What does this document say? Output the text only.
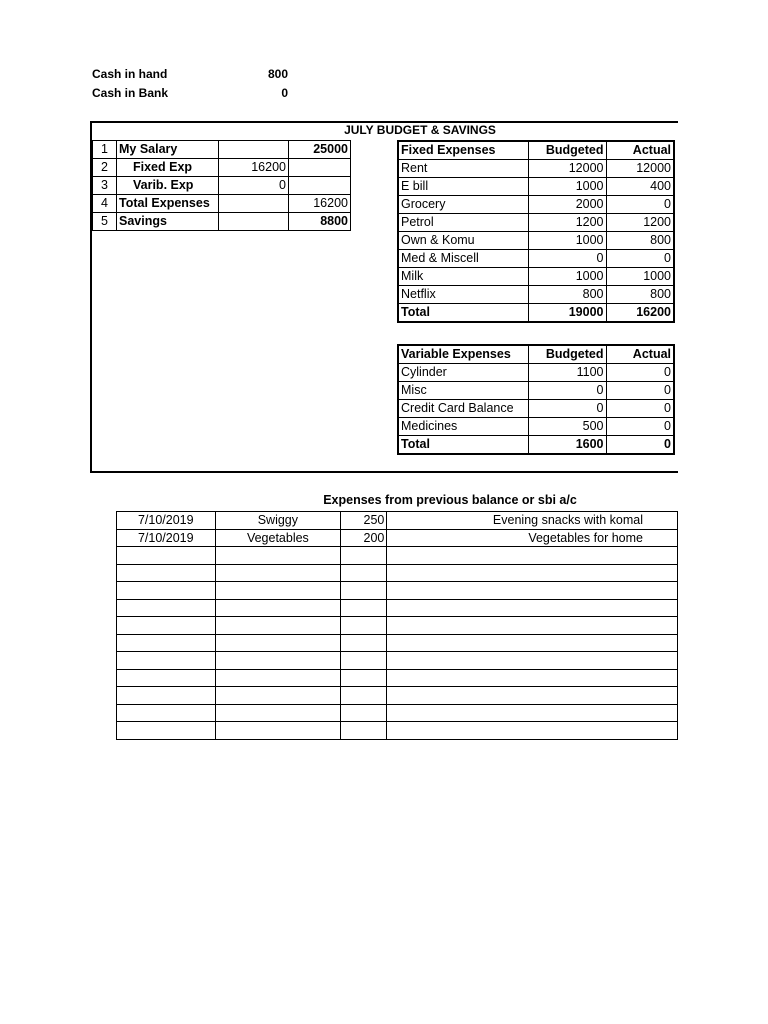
Cash in hand	800
Cash in Bank	0
JULY BUDGET & SAVINGS
1	My Salary		25000
2	Fixed Exp	16200	
3	Varib. Exp	0	
4	Total Expenses		16200
5	Savings		8800
Fixed Expenses	Budgeted	Actual
Rent	12000	12000
E bill	1000	400
Grocery	2000	0
Petrol	1200	1200
Own & Komu	1000	800
Med & Miscell	0	0
Milk	1000	1000
Netflix	800	800
Total	19000	16200
Variable Expenses	Budgeted	Actual
Cylinder	1100	0
Misc	0	0
Credit Card Balance	0	0
Medicines	500	0
Total	1600	0
Expenses from previous balance or sbi a/c
7/10/2019	Swiggy	250	Evening snacks with komal
7/10/2019	Vegetables	200	Vegetables for home
